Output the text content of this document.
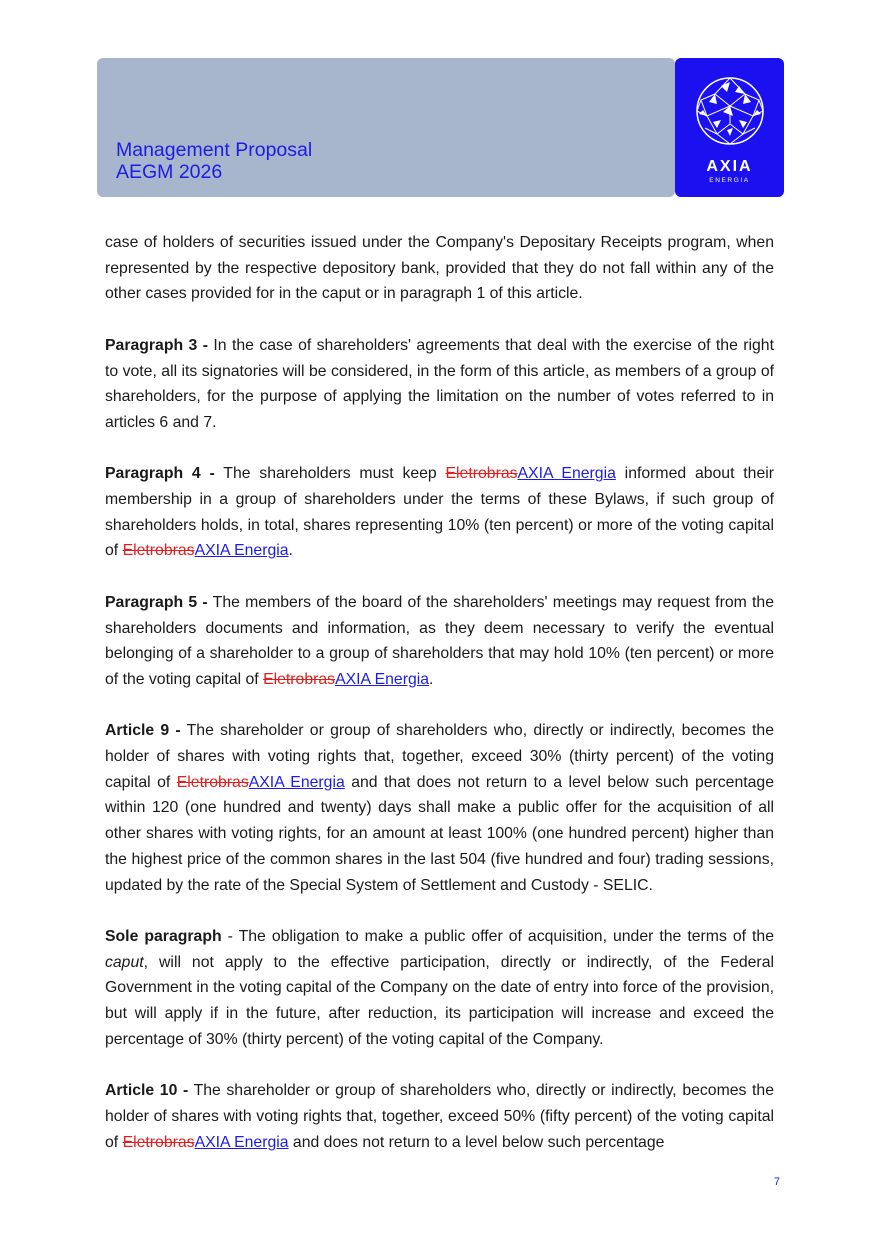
Management Proposal
AEGM 2026	AXIA
ENERGIA

case of holders of securities issued under the Company's Depositary Receipts program, when represented by the respective depository bank, provided that they do not fall within any of the other cases provided for in the caput or in paragraph 1 of this article.

Paragraph 3 - In the case of shareholders' agreements that deal with the exercise of the right to vote, all its signatories will be considered, in the form of this article, as members of a group of shareholders, for the purpose of applying the limitation on the number of votes referred to in articles 6 and 7.

Paragraph 4 - The shareholders must keep EletrobrasAXIA Energia informed about their membership in a group of shareholders under the terms of these Bylaws, if such group of shareholders holds, in total, shares representing 10% (ten percent) or more of the voting capital of EletrobrasAXIA Energia.

Paragraph 5 - The members of the board of the shareholders' meetings may request from the shareholders documents and information, as they deem necessary to verify the eventual belonging of a shareholder to a group of shareholders that may hold 10% (ten percent) or more of the voting capital of EletrobrasAXIA Energia.

Article 9 - The shareholder or group of shareholders who, directly or indirectly, becomes the holder of shares with voting rights that, together, exceed 30% (thirty percent) of the voting capital of EletrobrasAXIA Energia and that does not return to a level below such percentage within 120 (one hundred and twenty) days shall make a public offer for the acquisition of all other shares with voting rights, for an amount at least 100% (one hundred percent) higher than the highest price of the common shares in the last 504 (five hundred and four) trading sessions, updated by the rate of the Special System of Settlement and Custody - SELIC.

Sole paragraph - The obligation to make a public offer of acquisition, under the terms of the caput, will not apply to the effective participation, directly or indirectly, of the Federal Government in the voting capital of the Company on the date of entry into force of the provision, but will apply if in the future, after reduction, its participation will increase and exceed the percentage of 30% (thirty percent) of the voting capital of the Company.

Article 10 - The shareholder or group of shareholders who, directly or indirectly, becomes the holder of shares with voting rights that, together, exceed 50% (fifty percent) of the voting capital of EletrobrasAXIA Energia and does not return to a level below such percentage

7
